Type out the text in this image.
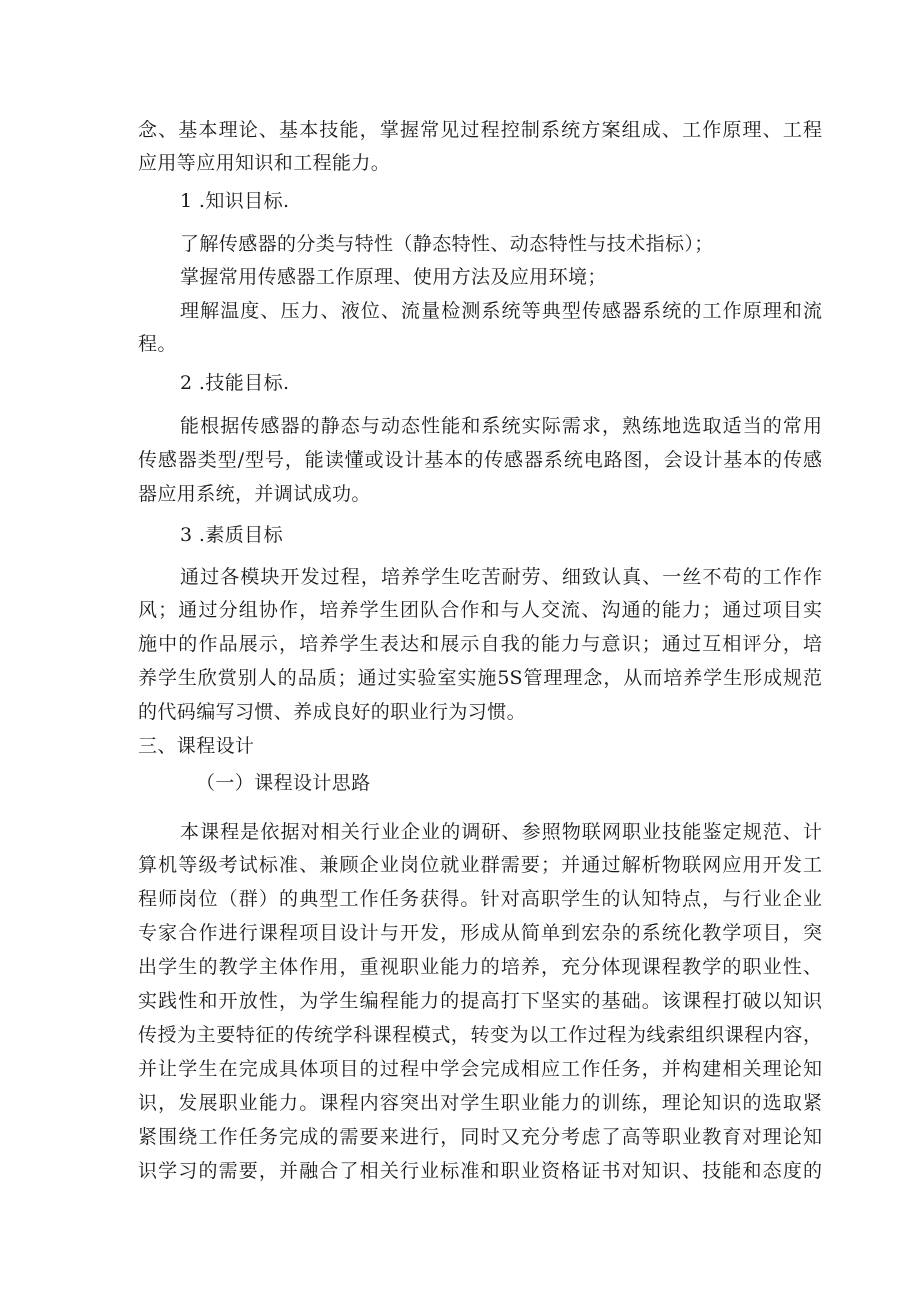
念、基本理论、基本技能，掌握常见过程控制系统方案组成、工作原理、工程
应用等应用知识和工程能力。
1 .知识目标.
了解传感器的分类与特性（静态特性、动态特性与技术指标）；
掌握常用传感器工作原理、使用方法及应用环境；
理解温度、压力、液位、流量检测系统等典型传感器系统的工作原理和流
程。
2 .技能目标.
能根据传感器的静态与动态性能和系统实际需求，熟练地选取适当的常用
传感器类型/型号，能读懂或设计基本的传感器系统电路图，会设计基本的传感
器应用系统，并调试成功。
3 .素质目标
通过各模块开发过程，培养学生吃苦耐劳、细致认真、一丝不苟的工作作
风；通过分组协作，培养学生团队合作和与人交流、沟通的能力；通过项目实
施中的作品展示，培养学生表达和展示自我的能力与意识；通过互相评分，培
养学生欣赏别人的品质；通过实验室实施5S管理理念，从而培养学生形成规范
的代码编写习惯、养成良好的职业行为习惯。
三、课程设计
（一）课程设计思路
本课程是依据对相关行业企业的调研、参照物联网职业技能鉴定规范、计
算机等级考试标准、兼顾企业岗位就业群需要；并通过解析物联网应用开发工
程师岗位（群）的典型工作任务获得。针对高职学生的认知特点，与行业企业
专家合作进行课程项目设计与开发，形成从简单到宏杂的系统化教学项目，突
出学生的教学主体作用，重视职业能力的培养，充分体现课程教学的职业性、
实践性和开放性，为学生编程能力的提高打下坚实的基础。该课程打破以知识
传授为主要特征的传统学科课程模式，转变为以工作过程为线索组织课程内容，
并让学生在完成具体项目的过程中学会完成相应工作任务，并构建相关理论知
识，发展职业能力。课程内容突出对学生职业能力的训练，理论知识的选取紧
紧围绕工作任务完成的需要来进行，同时又充分考虑了高等职业教育对理论知
识学习的需要，并融合了相关行业标准和职业资格证书对知识、技能和态度的
